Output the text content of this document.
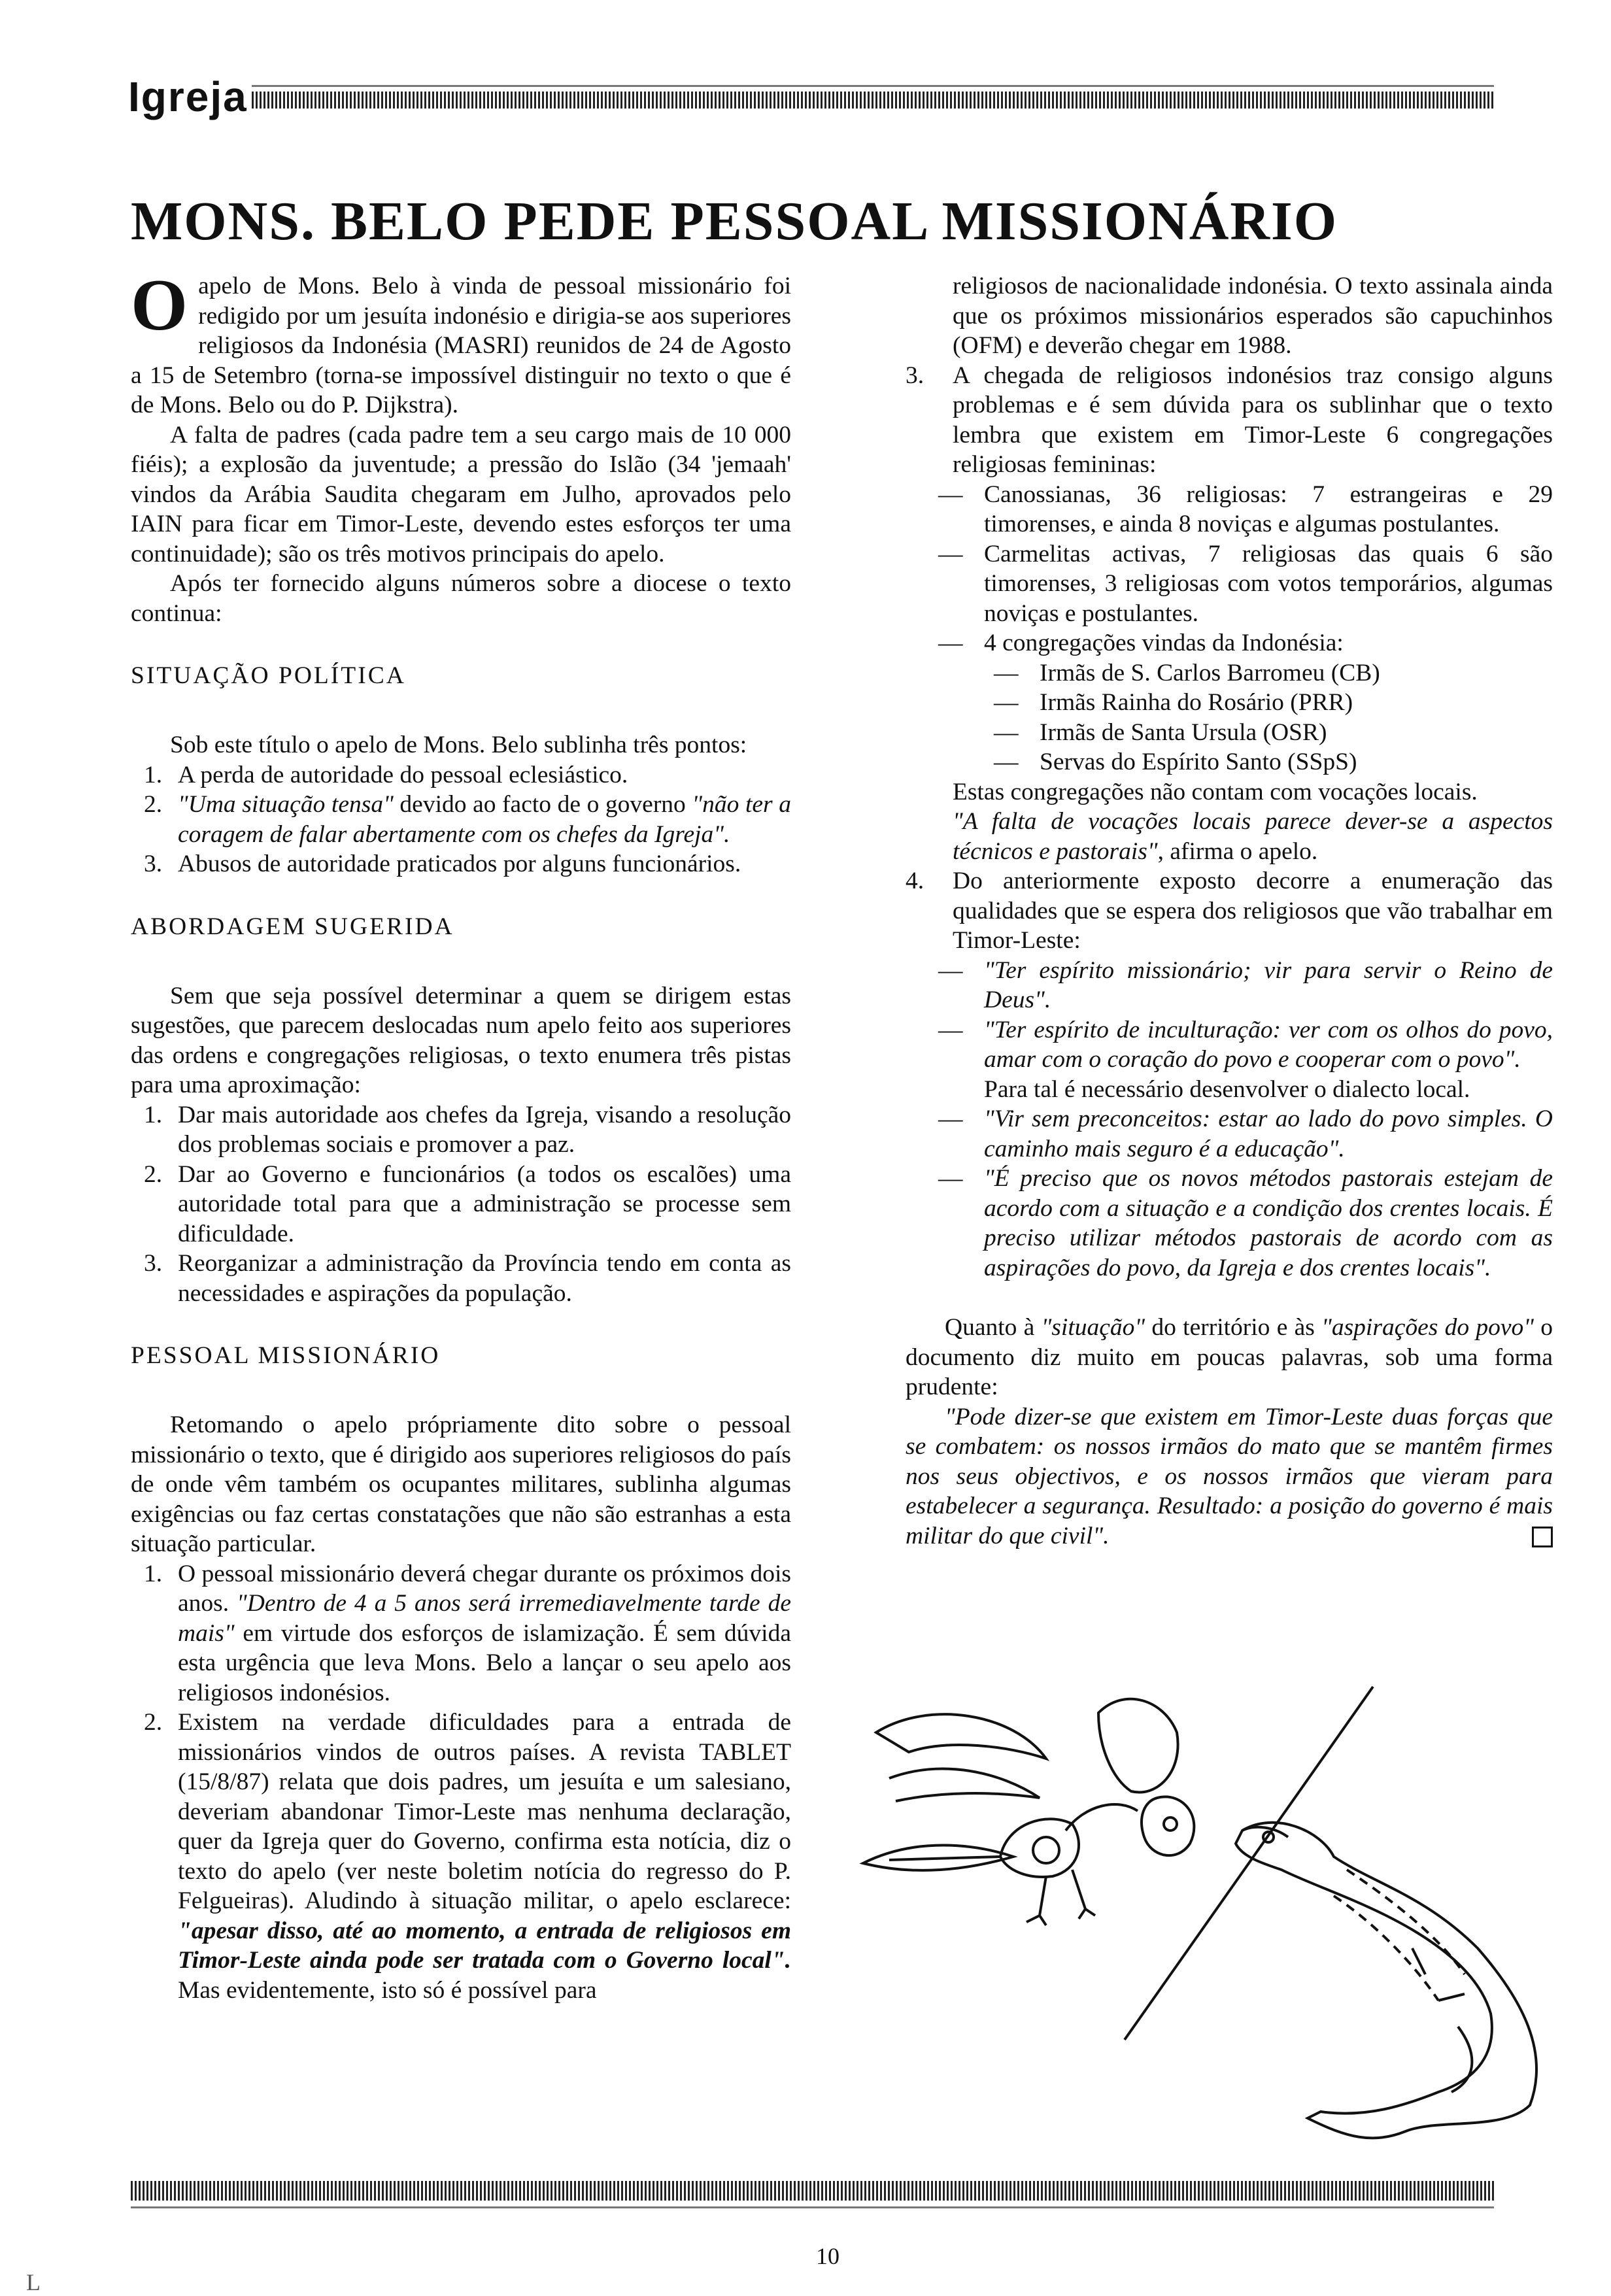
Igreja
MONS. BELO PEDE PESSOAL MISSIONÁRIO

Oapelo de Mons. Belo à vinda de pessoal missionário foi redigido por um jesuíta indonésio e dirigia-se aos superiores religiosos da Indonésia (MASRI) reunidos de 24 de Agosto a 15 de Setembro (torna-se impossível distinguir no texto o que é de Mons. Belo ou do P. Dijkstra).

A falta de padres (cada padre tem a seu cargo mais de 10 000 fiéis); a explosão da juventude; a pressão do Islão (34 'jemaah' vindos da Arábia Saudita chegaram em Julho, aprovados pelo IAIN para ficar em Timor-Leste, devendo estes esforços ter uma continuidade); são os três motivos principais do apelo.

Após ter fornecido alguns números sobre a diocese o texto continua:

SITUAÇÃO POLÍTICA

Sob este título o apelo de Mons. Belo sublinha três pontos:

1. A perda de autoridade do pessoal eclesiástico.
2. "Uma situação tensa" devido ao facto de o governo "não ter a coragem de falar abertamente com os chefes da Igreja".
3. Abusos de autoridade praticados por alguns funcionários.
ABORDAGEM SUGERIDA

Sem que seja possível determinar a quem se dirigem estas sugestões, que parecem deslocadas num apelo feito aos superiores das ordens e congregações religiosas, o texto enumera três pistas para uma aproximação:

1. Dar mais autoridade aos chefes da Igreja, visando a resolução dos problemas sociais e promover a paz.
2. Dar ao Governo e funcionários (a todos os escalões) uma autoridade total para que a administração se processe sem dificuldade.
3. Reorganizar a administração da Província tendo em conta as necessidades e aspirações da população.
PESSOAL MISSIONÁRIO

Retomando o apelo própriamente dito sobre o pessoal missionário o texto, que é dirigido aos superiores religiosos do país de onde vêm também os ocupantes militares, sublinha algumas exigências ou faz certas constatações que não são estranhas a esta situação particular.

1. O pessoal missionário deverá chegar durante os próximos dois anos. "Dentro de 4 a 5 anos será irremediavelmente tarde de mais" em virtude dos esforços de islamização. É sem dúvida esta urgência que leva Mons. Belo a lançar o seu apelo aos religiosos indonésios.
2. Existem na verdade dificuldades para a entrada de missionários vindos de outros países. A revista TABLET (15/8/87) relata que dois padres, um jesuíta e um salesiano, deveriam abandonar Timor-Leste mas nenhuma declaração, quer da Igreja quer do Governo, confirma esta notícia, diz o texto do apelo (ver neste boletim notícia do regresso do P. Felgueiras). Aludindo à situação militar, o apelo esclarece: "apesar disso, até ao momento, a entrada de religiosos em Timor-Leste ainda pode ser tratada com o Governo local". Mas evidentemente, isto só é possível para

religiosos de nacionalidade indonésia. O texto assinala ainda que os próximos missionários esperados são capuchinhos (OFM) e deverão chegar em 1988.

3. A chegada de religiosos indonésios traz consigo alguns problemas e é sem dúvida para os sublinhar que o texto lembra que existem em Timor-Leste 6 congregações religiosas femininas:
— Canossianas, 36 religiosas: 7 estrangeiras e 29 timorenses, e ainda 8 noviças e algumas postulantes.
— Carmelitas activas, 7 religiosas das quais 6 são timorenses, 3 religiosas com votos temporários, algumas noviças e postulantes.
— 4 congregações vindas da Indonésia:
— Irmãs de S. Carlos Barromeu (CB)
— Irmãs Rainha do Rosário (PRR)
— Irmãs de Santa Ursula (OSR)
— Servas do Espírito Santo (SSpS)

Estas congregações não contam com vocações locais.
"A falta de vocações locais parece dever-se a aspectos técnicos e pastorais", afirma o apelo.

4. Do anteriormente exposto decorre a enumeração das qualidades que se espera dos religiosos que vão trabalhar em Timor-Leste:
— "Ter espírito missionário; vir para servir o Reino de Deus".
— "Ter espírito de inculturação: ver com os olhos do povo, amar com o coração do povo e cooperar com o povo".

Para tal é necessário desenvolver o dialecto local.

— "Vir sem preconceitos: estar ao lado do povo simples. O caminho mais seguro é a educação".
— "É preciso que os novos métodos pastorais estejam de acordo com a situação e a condição dos crentes locais. É preciso utilizar métodos pastorais de acordo com as aspirações do povo, da Igreja e dos crentes locais".

Quanto à "situação" do território e às "aspirações do povo" o documento diz muito em poucas palavras, sob uma forma prudente:

"Pode dizer-se que existem em Timor-Leste duas forças que se combatem: os nossos irmãos do mato que se mantêm firmes nos seus objectivos, e os nossos irmãos que vieram para estabelecer a segurança. Resultado: a posição do governo é mais militar do que civil".

10
L
